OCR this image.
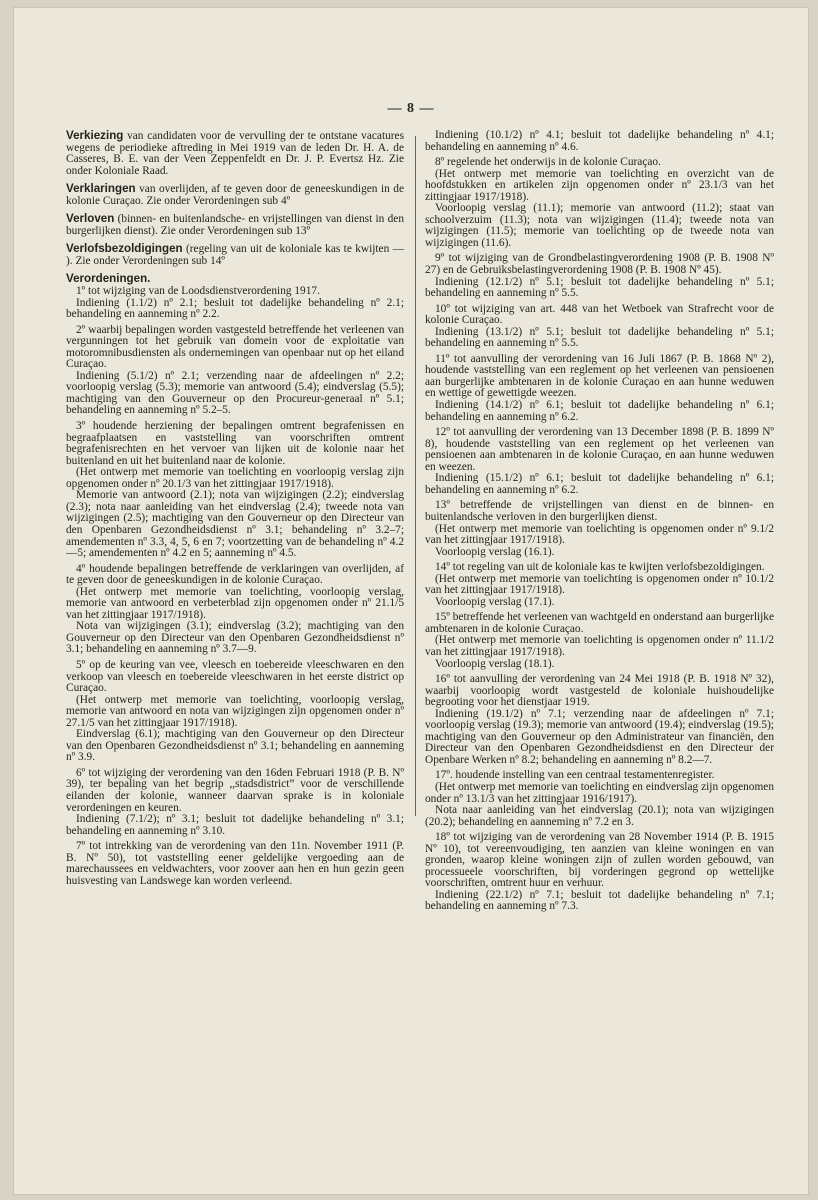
— 8 —

Verkiezing van candidaten voor de vervulling der te ontstane vacatures wegens de periodieke aftreding in Mei 1919 van de leden Dr. H. A. de Casseres, B. E. van der Veen Zeppenfeldt en Dr. J. P. Evertsz Hz. Zie onder Koloniale Raad.

Verklaringen van overlijden, af te geven door de geneeskundigen in de kolonie Curaçao. Zie onder Verordeningen sub 4º

Verloven (binnen- en buitenlandsche- en vrijstellingen van dienst in den burgerlijken dienst). Zie onder Verordeningen sub 13º

Verlofsbezoldigingen (regeling van uit de koloniale kas te kwijten — ). Zie onder Verordeningen sub 14º

Verordeningen.

1º tot wijziging van de Loodsdienstverordening 1917.

Indiening (1.1/2) nº 2.1; besluit tot dadelijke behandeling nº 2.1; behandeling en aanneming nº 2.2.

2º waarbij bepalingen worden vastgesteld betreffende het verleenen van vergunningen tot het gebruik van domein voor de exploitatie van motoromnibusdiensten als ondernemingen van openbaar nut op het eiland Curaçao.

Indiening (5.1/2) nº 2.1; verzending naar de afdeelingen nº 2.2; voorloopig verslag (5.3); memorie van antwoord (5.4); eindverslag (5.5); machtiging van den Gouverneur op den Procureur-generaal nº 5.1; behandeling en aanneming nº 5.2–5.

3º houdende herziening der bepalingen omtrent begrafenissen en begraafplaatsen en vaststelling van voorschriften omtrent begrafenisrechten en het vervoer van lijken uit de kolonie naar het buitenland en uit het buitenland naar de kolonie.

(Het ontwerp met memorie van toelichting en voorloopig verslag zijn opgenomen onder nº 20.1/3 van het zittingjaar 1917/1918).

Memorie van antwoord (2.1); nota van wijzigingen (2.2); eindverslag (2.3); nota naar aanleiding van het eindverslag (2.4); tweede nota van wijzigingen (2.5); machtiging van den Gouverneur op den Directeur van den Openbaren Gezondheidsdienst nº 3.1; behandeling nº 3.2–7; amendementen nº 3.3, 4, 5, 6 en 7; voortzetting van de behandeling nº 4.2—5; amendementen nº 4.2 en 5; aanneming nº 4.5.

4º houdende bepalingen betreffende de verklaringen van overlijden, af te geven door de geneeskundigen in de kolonie Curaçao.

(Het ontwerp met memorie van toelichting, voorloopig verslag, memorie van antwoord en verbeterblad zijn opgenomen onder nº 21.1/5 van het zittingjaar 1917/1918).

Nota van wijzigingen (3.1); eindverslag (3.2); machtiging van den Gouverneur op den Directeur van den Openbaren Gezondheidsdienst nº 3.1; behandeling en aanneming nº 3.7—9.

5º op de keuring van vee, vleesch en toebereide vleeschwaren en den verkoop van vleesch en toebereide vleeschwaren in het eerste district op Curaçao.

(Het ontwerp met memorie van toelichting, voorloopig verslag, memorie van antwoord en nota van wijzigingen zijn opgenomen onder nº 27.1/5 van het zittingjaar 1917/1918).

Eindverslag (6.1); machtiging van den Gouverneur op den Directeur van den Openbaren Gezondheidsdienst nº 3.1; behandeling en aanneming nº 3.9.

6º tot wijziging der verordening van den 16den Februari 1918 (P. B. Nº 39), ter bepaling van het begrip ,,stadsdistrict” voor de verschillende eilanden der kolonie, wanneer daarvan sprake is in koloniale verordeningen en keuren.

Indiening (7.1/2); nº 3.1; besluit tot dadelijke behandeling nº 3.1; behandeling en aanneming nº 3.10.

7º tot intrekking van de verordening van den 11n. November 1911 (P. B. Nº 50), tot vaststelling eener geldelijke vergoeding aan de marechaussees en veldwachters, voor zoover aan hen en hun gezin geen huisvesting van Landswege kan worden verleend.

Indiening (10.1/2) nº 4.1; besluit tot dadelijke behandeling nº 4.1; behandeling en aanneming nº 4.6.

8º regelende het onderwijs in de kolonie Curaçao.

(Het ontwerp met memorie van toelichting en overzicht van de hoofdstukken en artikelen zijn opgenomen onder nº 23.1/3 van het zittingjaar 1917/1918).

Voorloopig verslag (11.1); memorie van antwoord (11.2); staat van schoolverzuim (11.3); nota van wijzigingen (11.4); tweede nota van wijzigingen (11.5); memorie van toelichting op de tweede nota van wijzigingen (11.6).

9º tot wijziging van de Grondbelastingverordening 1908 (P. B. 1908 Nº 27) en de Gebruiksbelastingverordening 1908 (P. B. 1908 Nº 45).

Indiening (12.1/2) nº 5.1; besluit tot dadelijke behandeling nº 5.1; behandeling en aanneming nº 5.5.

10º tot wijziging van art. 448 van het Wetboek van Strafrecht voor de kolonie Curaçao.

Indiening (13.1/2) nº 5.1; besluit tot dadelijke behandeling nº 5.1; behandeling en aanneming nº 5.5.

11º tot aanvulling der verordening van 16 Juli 1867 (P. B. 1868 Nº 2), houdende vaststelling van een reglement op het verleenen van pensioenen aan burgerlijke ambtenaren in de kolonie Curaçao en aan hunne weduwen en wettige of gewettigde weezen.

Indiening (14.1/2) nº 6.1; besluit tot dadelijke behandeling nº 6.1; behandeling en aanneming nº 6.2.

12º tot aanvulling der verordening van 13 December 1898 (P. B. 1899 Nº 8), houdende vaststelling van een reglement op het verleenen van pensioenen aan ambtenaren in de kolonie Curaçao, en aan hunne weduwen en weezen.

Indiening (15.1/2) nº 6.1; besluit tot dadelijke behandeling nº 6.1; behandeling en aanneming nº 6.2.

13º betreffende de vrijstellingen van dienst en de binnen- en buitenlandsche verloven in den burgerlijken dienst.

(Het ontwerp met memorie van toelichting is opgenomen onder nº 9.1/2 van het zittingjaar 1917/1918).

Voorloopig verslag (16.1).

14º tot regeling van uit de koloniale kas te kwijten verlofsbezoldigingen.

(Het ontwerp met memorie van toelichting is opgenomen onder nº 10.1/2 van het zittingjaar 1917/1918).

Voorloopig verslag (17.1).

15º betreffende het verleenen van wachtgeld en onderstand aan burgerlijke ambtenaren in de kolonie Curaçao.

(Het ontwerp met memorie van toelichting is opgenomen onder nº 11.1/2 van het zittingjaar 1917/1918).

Voorloopig verslag (18.1).

16º tot aanvulling der verordening van 24 Mei 1918 (P. B. 1918 Nº 32), waarbij voorloopig wordt vastgesteld de koloniale huishoudelijke begrooting voor het dienstjaar 1919.

Indiening (19.1/2) nº 7.1; verzending naar de afdeelingen nº 7.1; voorloopig verslag (19.3); memorie van antwoord (19.4); eindverslag (19.5); machtiging van den Gouverneur op den Administrateur van financiën, den Directeur van den Openbaren Gezondheidsdienst en den Directeur der Openbare Werken nº 8.2; behandeling en aanneming nº 8.2—7.

17º. houdende instelling van een centraal testamentenregister.

(Het ontwerp met memorie van toelichting en eindverslag zijn opgenomen onder nº 13.1/3 van het zittingjaar 1916/1917).

Nota naar aanleiding van het eindverslag (20.1); nota van wijzigingen (20.2); behandeling en aanneming nº 7.2 en 3.

18º tot wijziging van de verordening van 28 November 1914 (P. B. 1915 Nº 10), tot vereenvoudiging, ten aanzien van kleine woningen en van gronden, waarop kleine woningen zijn of zullen worden gebouwd, van processueele voorschriften, bij vorderingen gegrond op wettelijke voorschriften, omtrent huur en verhuur.

Indiening (22.1/2) nº 7.1; besluit tot dadelijke behandeling nº 7.1; behandeling en aanneming nº 7.3.
